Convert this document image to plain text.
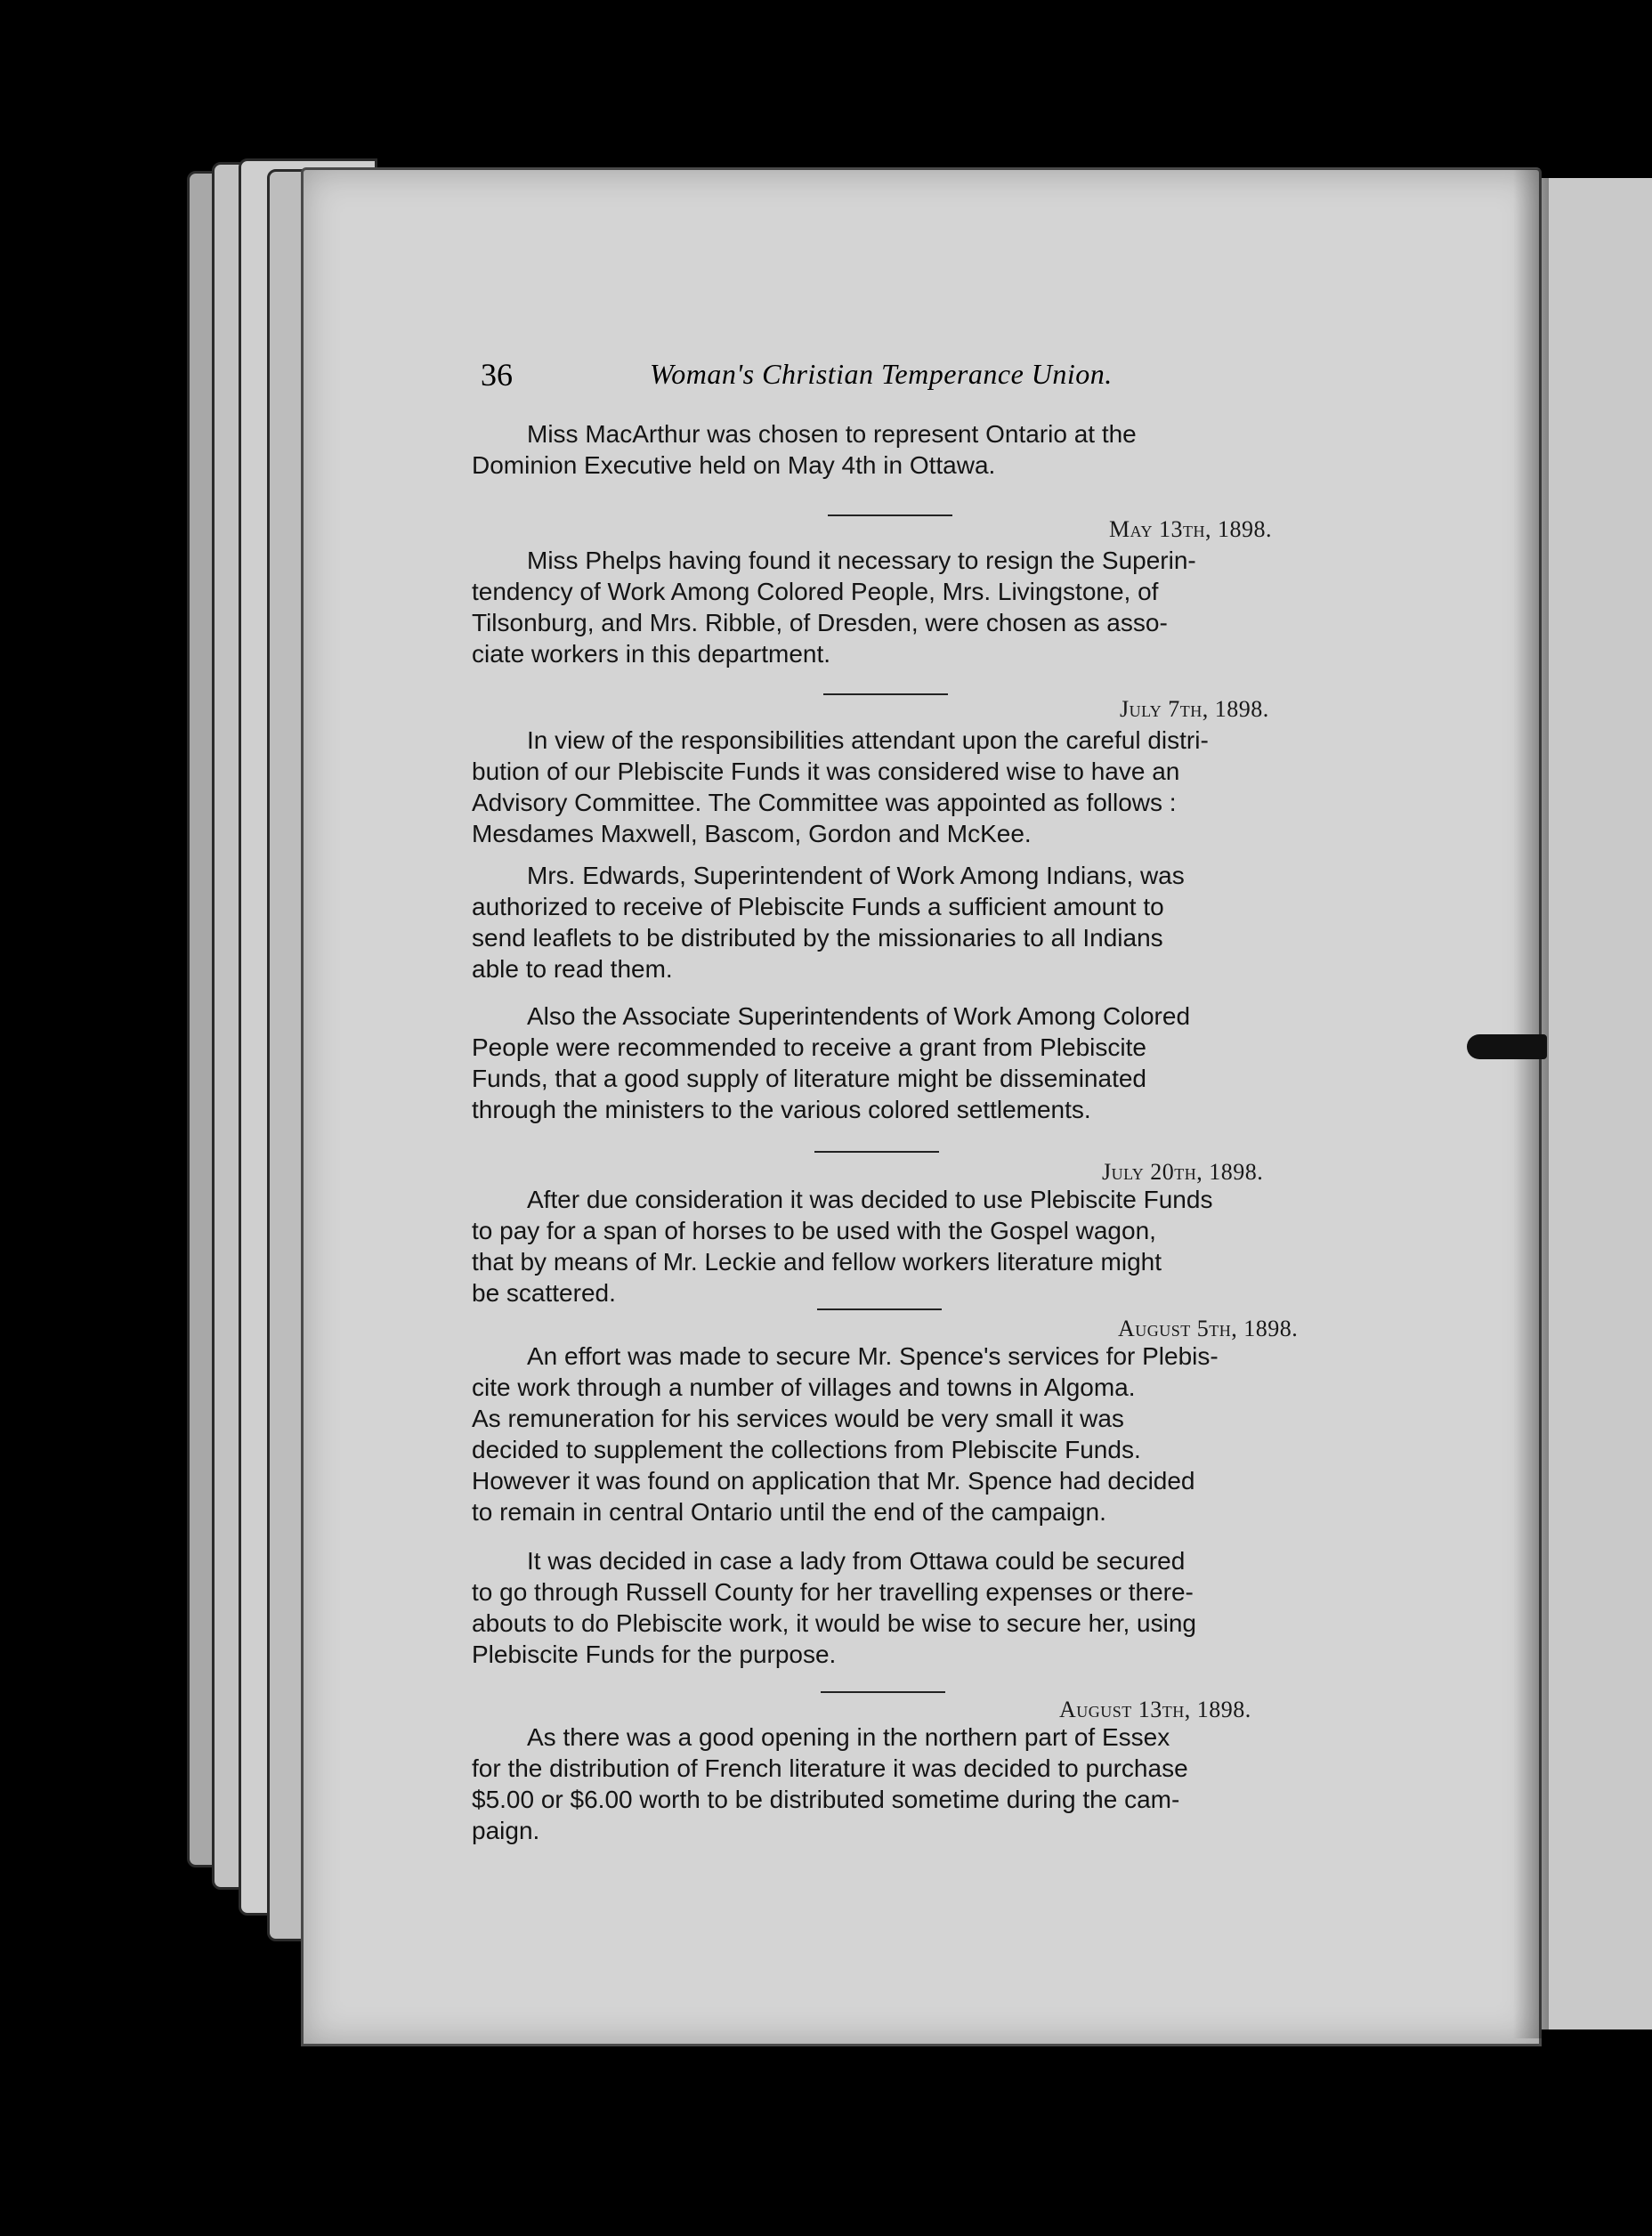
36	Woman's Christian Temperance Union.
Miss MacArthur was chosen to represent Ontario at the
Dominion Executive held on May 4th in Ottawa.
May 13th, 1898.
Miss Phelps having found it necessary to resign the Superin-
tendency of Work Among Colored People, Mrs. Livingstone, of
Tilsonburg, and Mrs. Ribble, of Dresden, were chosen as asso-
ciate workers in this department.
July 7th, 1898.
In view of the responsibilities attendant upon the careful distri-
bution of our Plebiscite Funds it was considered wise to have an
Advisory Committee. The Committee was appointed as follows :
Mesdames Maxwell, Bascom, Gordon and McKee.
Mrs. Edwards, Superintendent of Work Among Indians, was
authorized to receive of Plebiscite Funds a sufficient amount to
send leaflets to be distributed by the missionaries to all Indians
able to read them.
Also the Associate Superintendents of Work Among Colored
People were recommended to receive a grant from Plebiscite
Funds, that a good supply of literature might be disseminated
through the ministers to the various colored settlements.
July 20th, 1898.
After due consideration it was decided to use Plebiscite Funds
to pay for a span of horses to be used with the Gospel wagon,
that by means of Mr. Leckie and fellow workers literature might
be scattered.
August 5th, 1898.
An effort was made to secure Mr. Spence's services for Plebis-
cite work through a number of villages and towns in Algoma.
As remuneration for his services would be very small it was
decided to supplement the collections from Plebiscite Funds.
However it was found on application that Mr. Spence had decided
to remain in central Ontario until the end of the campaign.
It was decided in case a lady from Ottawa could be secured
to go through Russell County for her travelling expenses or there-
abouts to do Plebiscite work, it would be wise to secure her, using
Plebiscite Funds for the purpose.
August 13th, 1898.
As there was a good opening in the northern part of Essex
for the distribution of French literature it was decided to purchase
$5.00 or $6.00 worth to be distributed sometime during the cam-
paign.
